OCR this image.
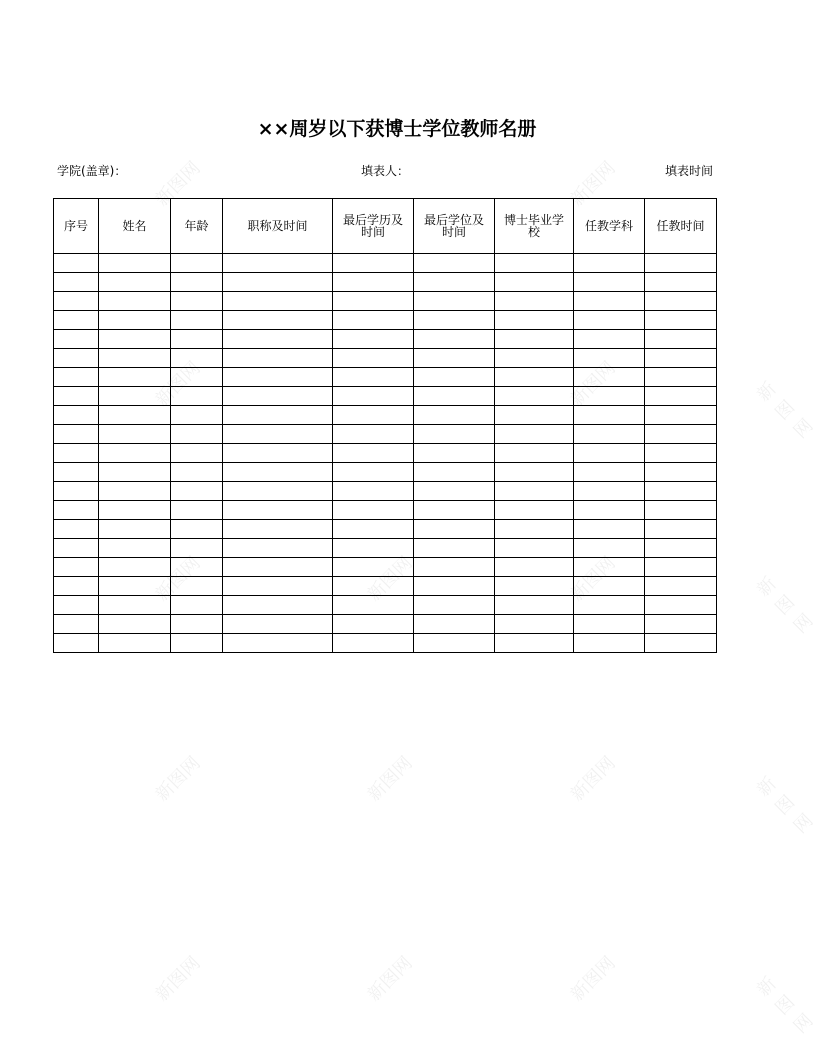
××周岁以下获博士学位教师名册
学院(盖章)：	填表人：	填表时间
序号	姓名	年龄	职称及时间	最后学历及时间	最后学位及时间	博士毕业学校	任教学科	任教时间

新图网	新图网
新图网	新图网	新图网
新图网	新图网	新图网	新图网
新图网	新图网	新图网	新图网
新图网	新图网	新图网	新图网
